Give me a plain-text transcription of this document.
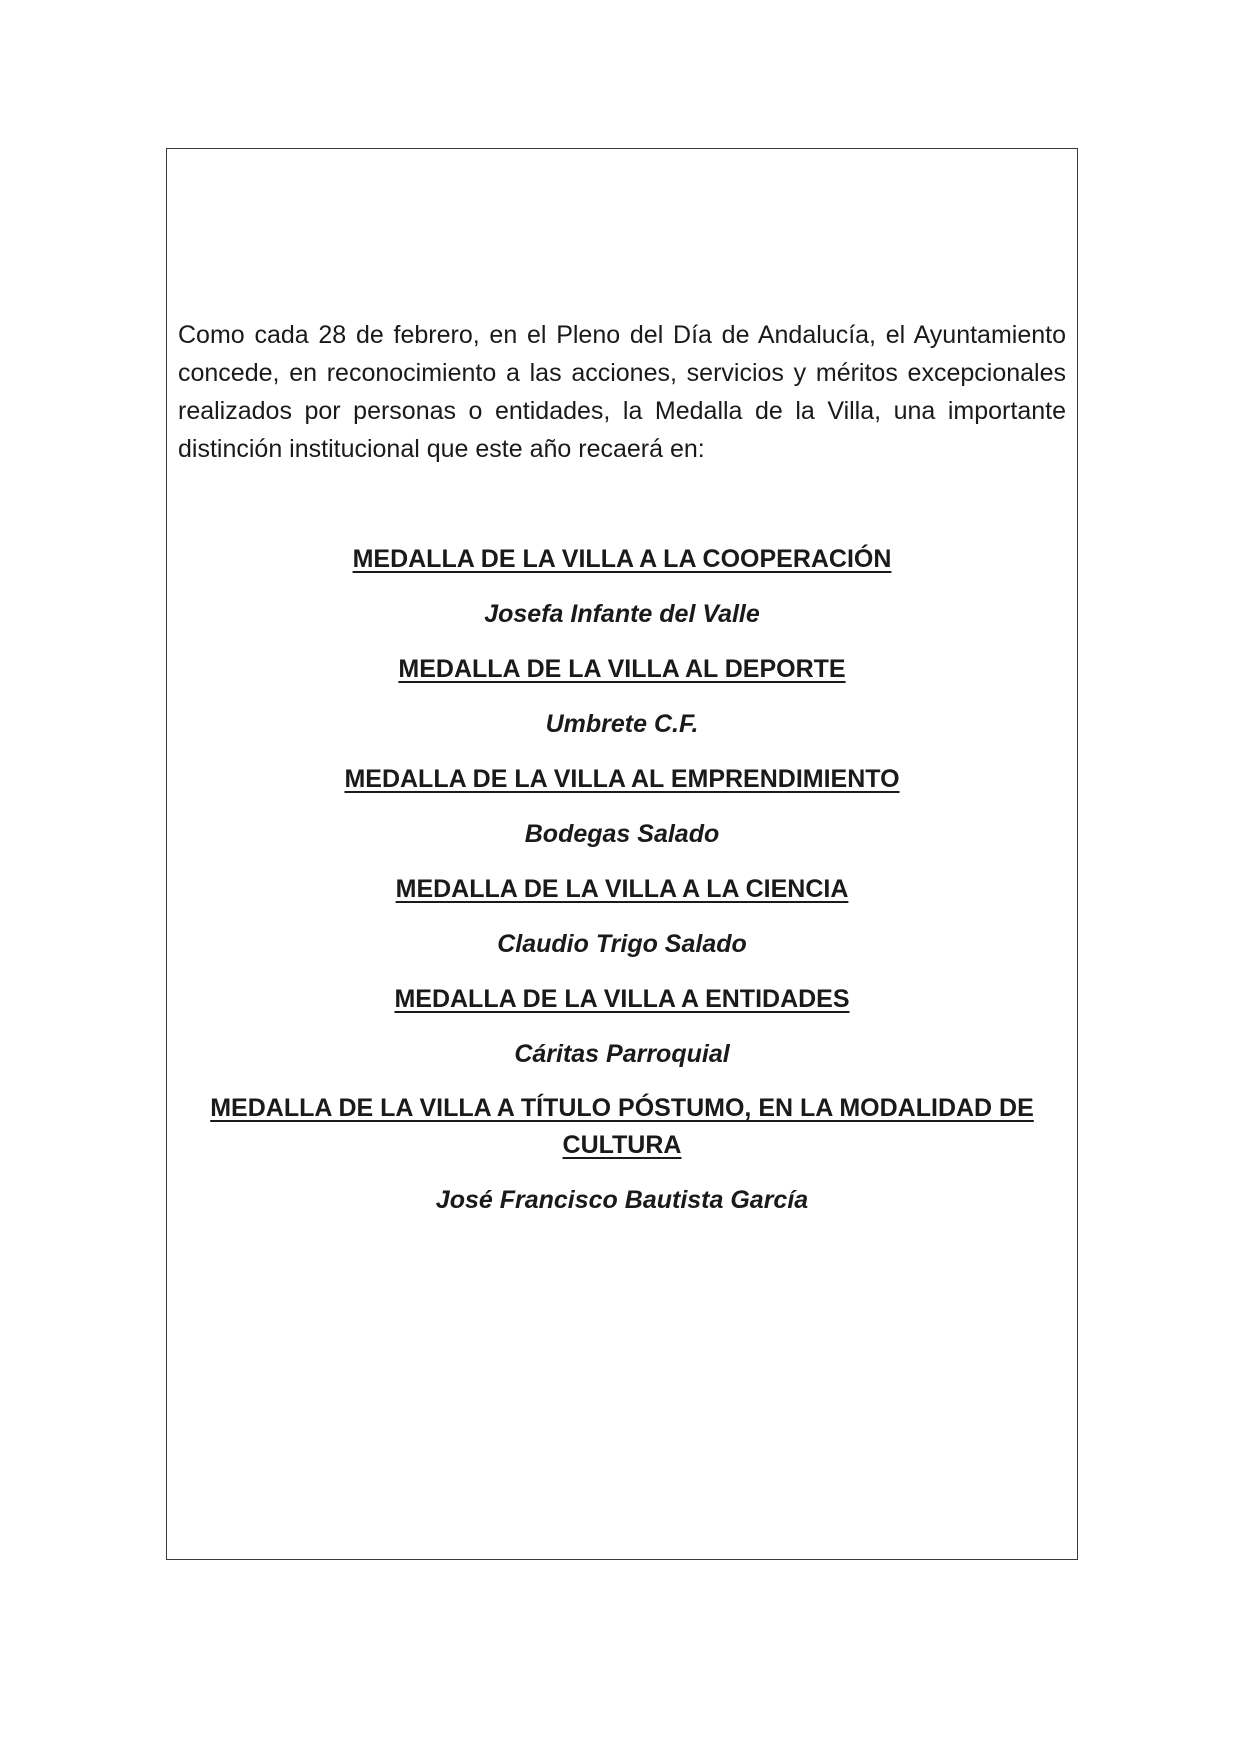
Como cada 28 de febrero, en el Pleno del Día de Andalucía, el Ayuntamiento concede, en reconocimiento a las acciones, servicios y méritos excepcionales realizados por personas o entidades, la Medalla de la Villa, una importante distinción institucional que este año recaerá en:

MEDALLA DE LA VILLA A LA COOPERACIÓN
Josefa Infante del Valle
MEDALLA DE LA VILLA AL DEPORTE
Umbrete C.F.
MEDALLA DE LA VILLA AL EMPRENDIMIENTO
Bodegas Salado
MEDALLA DE LA VILLA A LA CIENCIA
Claudio Trigo Salado
MEDALLA DE LA VILLA A ENTIDADES
Cáritas Parroquial
MEDALLA DE LA VILLA A TÍTULO PÓSTUMO, EN LA MODALIDAD DE CULTURA
José Francisco Bautista García
